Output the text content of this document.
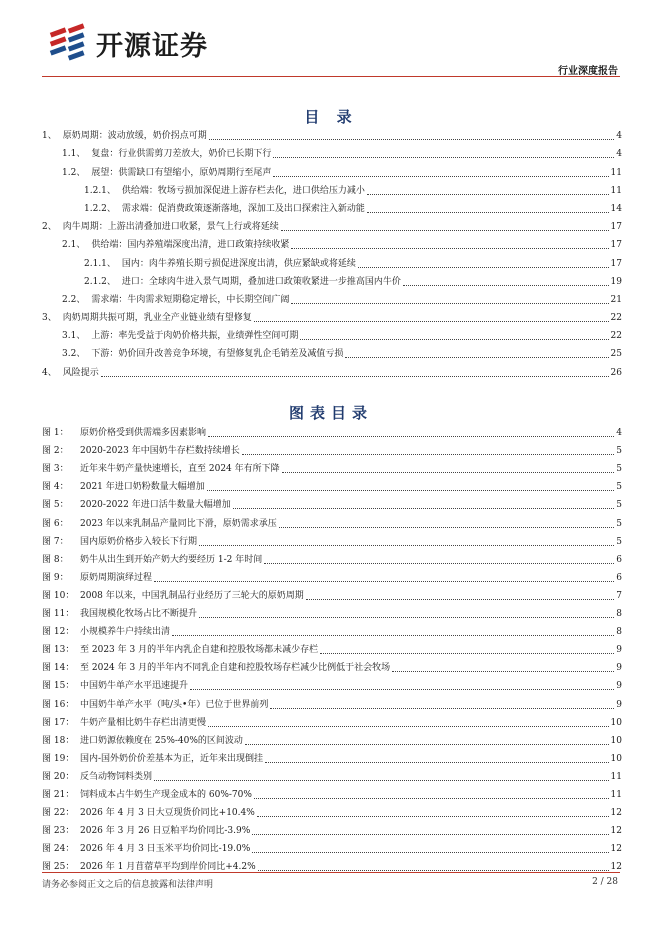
开源证券
行业深度报告
目 录
1、 原奶周期：波动放缓，奶价拐点可期	4
1.1、 复盘：行业供需剪刀差放大，奶价已长期下行	4
1.2、 展望：供需缺口有望缩小，原奶周期行至尾声	11
1.2.1、 供给端：牧场亏损加深促进上游存栏去化，进口供给压力减小	11
1.2.2、 需求端：促消费政策逐渐落地，深加工及出口探索注入新动能	14
2、 肉牛周期：上游出清叠加进口收紧，景气上行或将延续	17
2.1、 供给端：国内养殖端深度出清，进口政策持续收紧	17
2.1.1、 国内：肉牛养殖长期亏损促进深度出清，供应紧缺或将延续	17
2.1.2、 进口：全球肉牛进入景气周期，叠加进口政策收紧进一步推高国内牛价	19
2.2、 需求端：牛肉需求短期稳定增长，中长期空间广阔	21
3、 肉奶周期共振可期，乳业全产业链业绩有望修复	22
3.1、 上游：率先受益于肉奶价格共振，业绩弹性空间可期	22
3.2、 下游：奶价回升改善竞争环境，有望修复乳企毛销差及减值亏损	25
4、 风险提示	26
图表目录
图 1：	原奶价格受到供需端多因素影响	4
图 2：	2020-2023 年中国奶牛存栏数持续增长	5
图 3：	近年来牛奶产量快速增长，直至 2024 年有所下降	5
图 4：	2021 年进口奶粉数量大幅增加	5
图 5：	2020-2022 年进口活牛数量大幅增加	5
图 6：	2023 年以来乳制品产量同比下滑，原奶需求承压	5
图 7：	国内原奶价格步入较长下行期	5
图 8：	奶牛从出生到开始产奶大约要经历 1-2 年时间	6
图 9：	原奶周期演绎过程	6
图 10： 2008 年以来，中国乳制品行业经历了三轮大的原奶周期	7
图 11： 我国规模化牧场占比不断提升	8
图 12： 小规模养牛户持续出清	8
图 13： 至 2023 年 3 月的半年内乳企自建和控股牧场都未减少存栏	9
图 14： 至 2024 年 3 月的半年内不同乳企自建和控股牧场存栏减少比例低于社会牧场	9
图 15： 中国奶牛单产水平迅速提升	9
图 16： 中国奶牛单产水平（吨/头•年）已位于世界前列	9
图 17： 牛奶产量相比奶牛存栏出清更慢	10
图 18： 进口奶源依赖度在 25%-40%的区间波动	10
图 19： 国内-国外奶价价差基本为正，近年来出现倒挂	10
图 20： 反刍动物饲料类别	11
图 21： 饲料成本占牛奶生产现金成本的 60%-70%	11
图 22： 2026 年 4 月 3 日大豆现货价同比+10.4%	12
图 23： 2026 年 3 月 26 日豆粕平均价同比-3.9%	12
图 24： 2026 年 4 月 3 日玉米平均价同比-19.0%	12
图 25： 2026 年 1 月苜蓿草平均到岸价同比+4.2%	12
请务必参阅正文之后的信息披露和法律声明	2 / 28
